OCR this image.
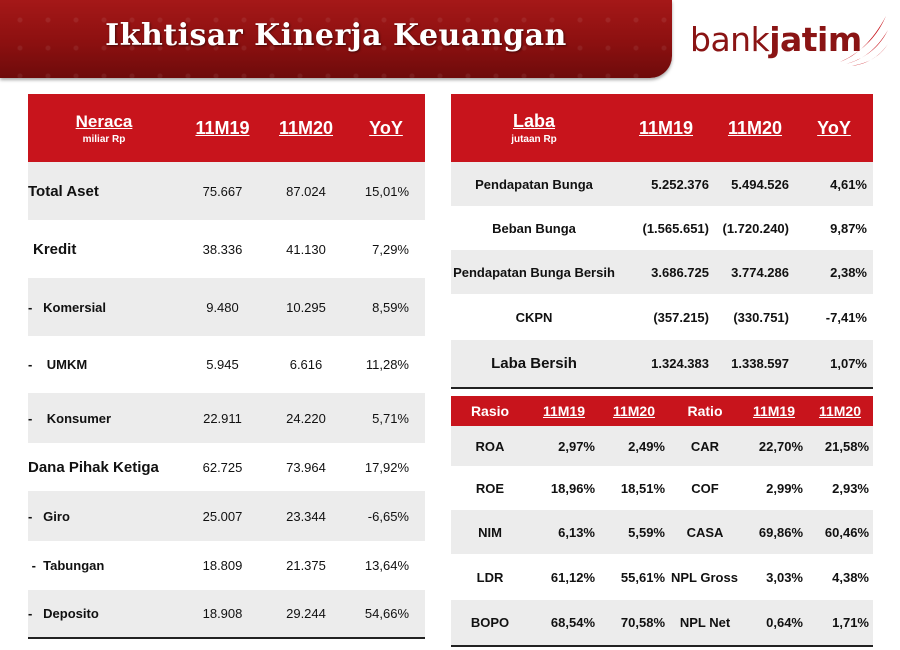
Ikhtisar Kinerja Keuangan	bankjatim
Neraca
miliar Rp	11M19	11M20	YoY
Total Aset	75.667	87.024	15,01%
Kredit	38.336	41.130	7,29%
-   Komersial	9.480	10.295	8,59%
-    UMKM	5.945	6.616	11,28%
-    Konsumer	22.911	24.220	5,71%
Dana Pihak Ketiga	62.725	73.964	17,92%
-   Giro	25.007	23.344	-6,65%
-  Tabungan	18.809	21.375	13,64%
-   Deposito	18.908	29.244	54,66%
Laba
jutaan Rp	11M19	11M20	YoY
Pendapatan Bunga	5.252.376	5.494.526	4,61%
Beban Bunga	(1.565.651)	(1.720.240)	9,87%
Pendapatan Bunga Bersih	3.686.725	3.774.286	2,38%
CKPN	(357.215)	(330.751)	-7,41%
Laba Bersih	1.324.383	1.338.597	1,07%
Rasio	11M19	11M20	Ratio	11M19	11M20
ROA	2,97%	2,49%	CAR	22,70%	21,58%
ROE	18,96%	18,51%	COF	2,99%	2,93%
NIM	6,13%	5,59%	CASA	69,86%	60,46%
LDR	61,12%	55,61%	NPL Gross	3,03%	4,38%
BOPO	68,54%	70,58%	NPL Net	0,64%	1,71%
